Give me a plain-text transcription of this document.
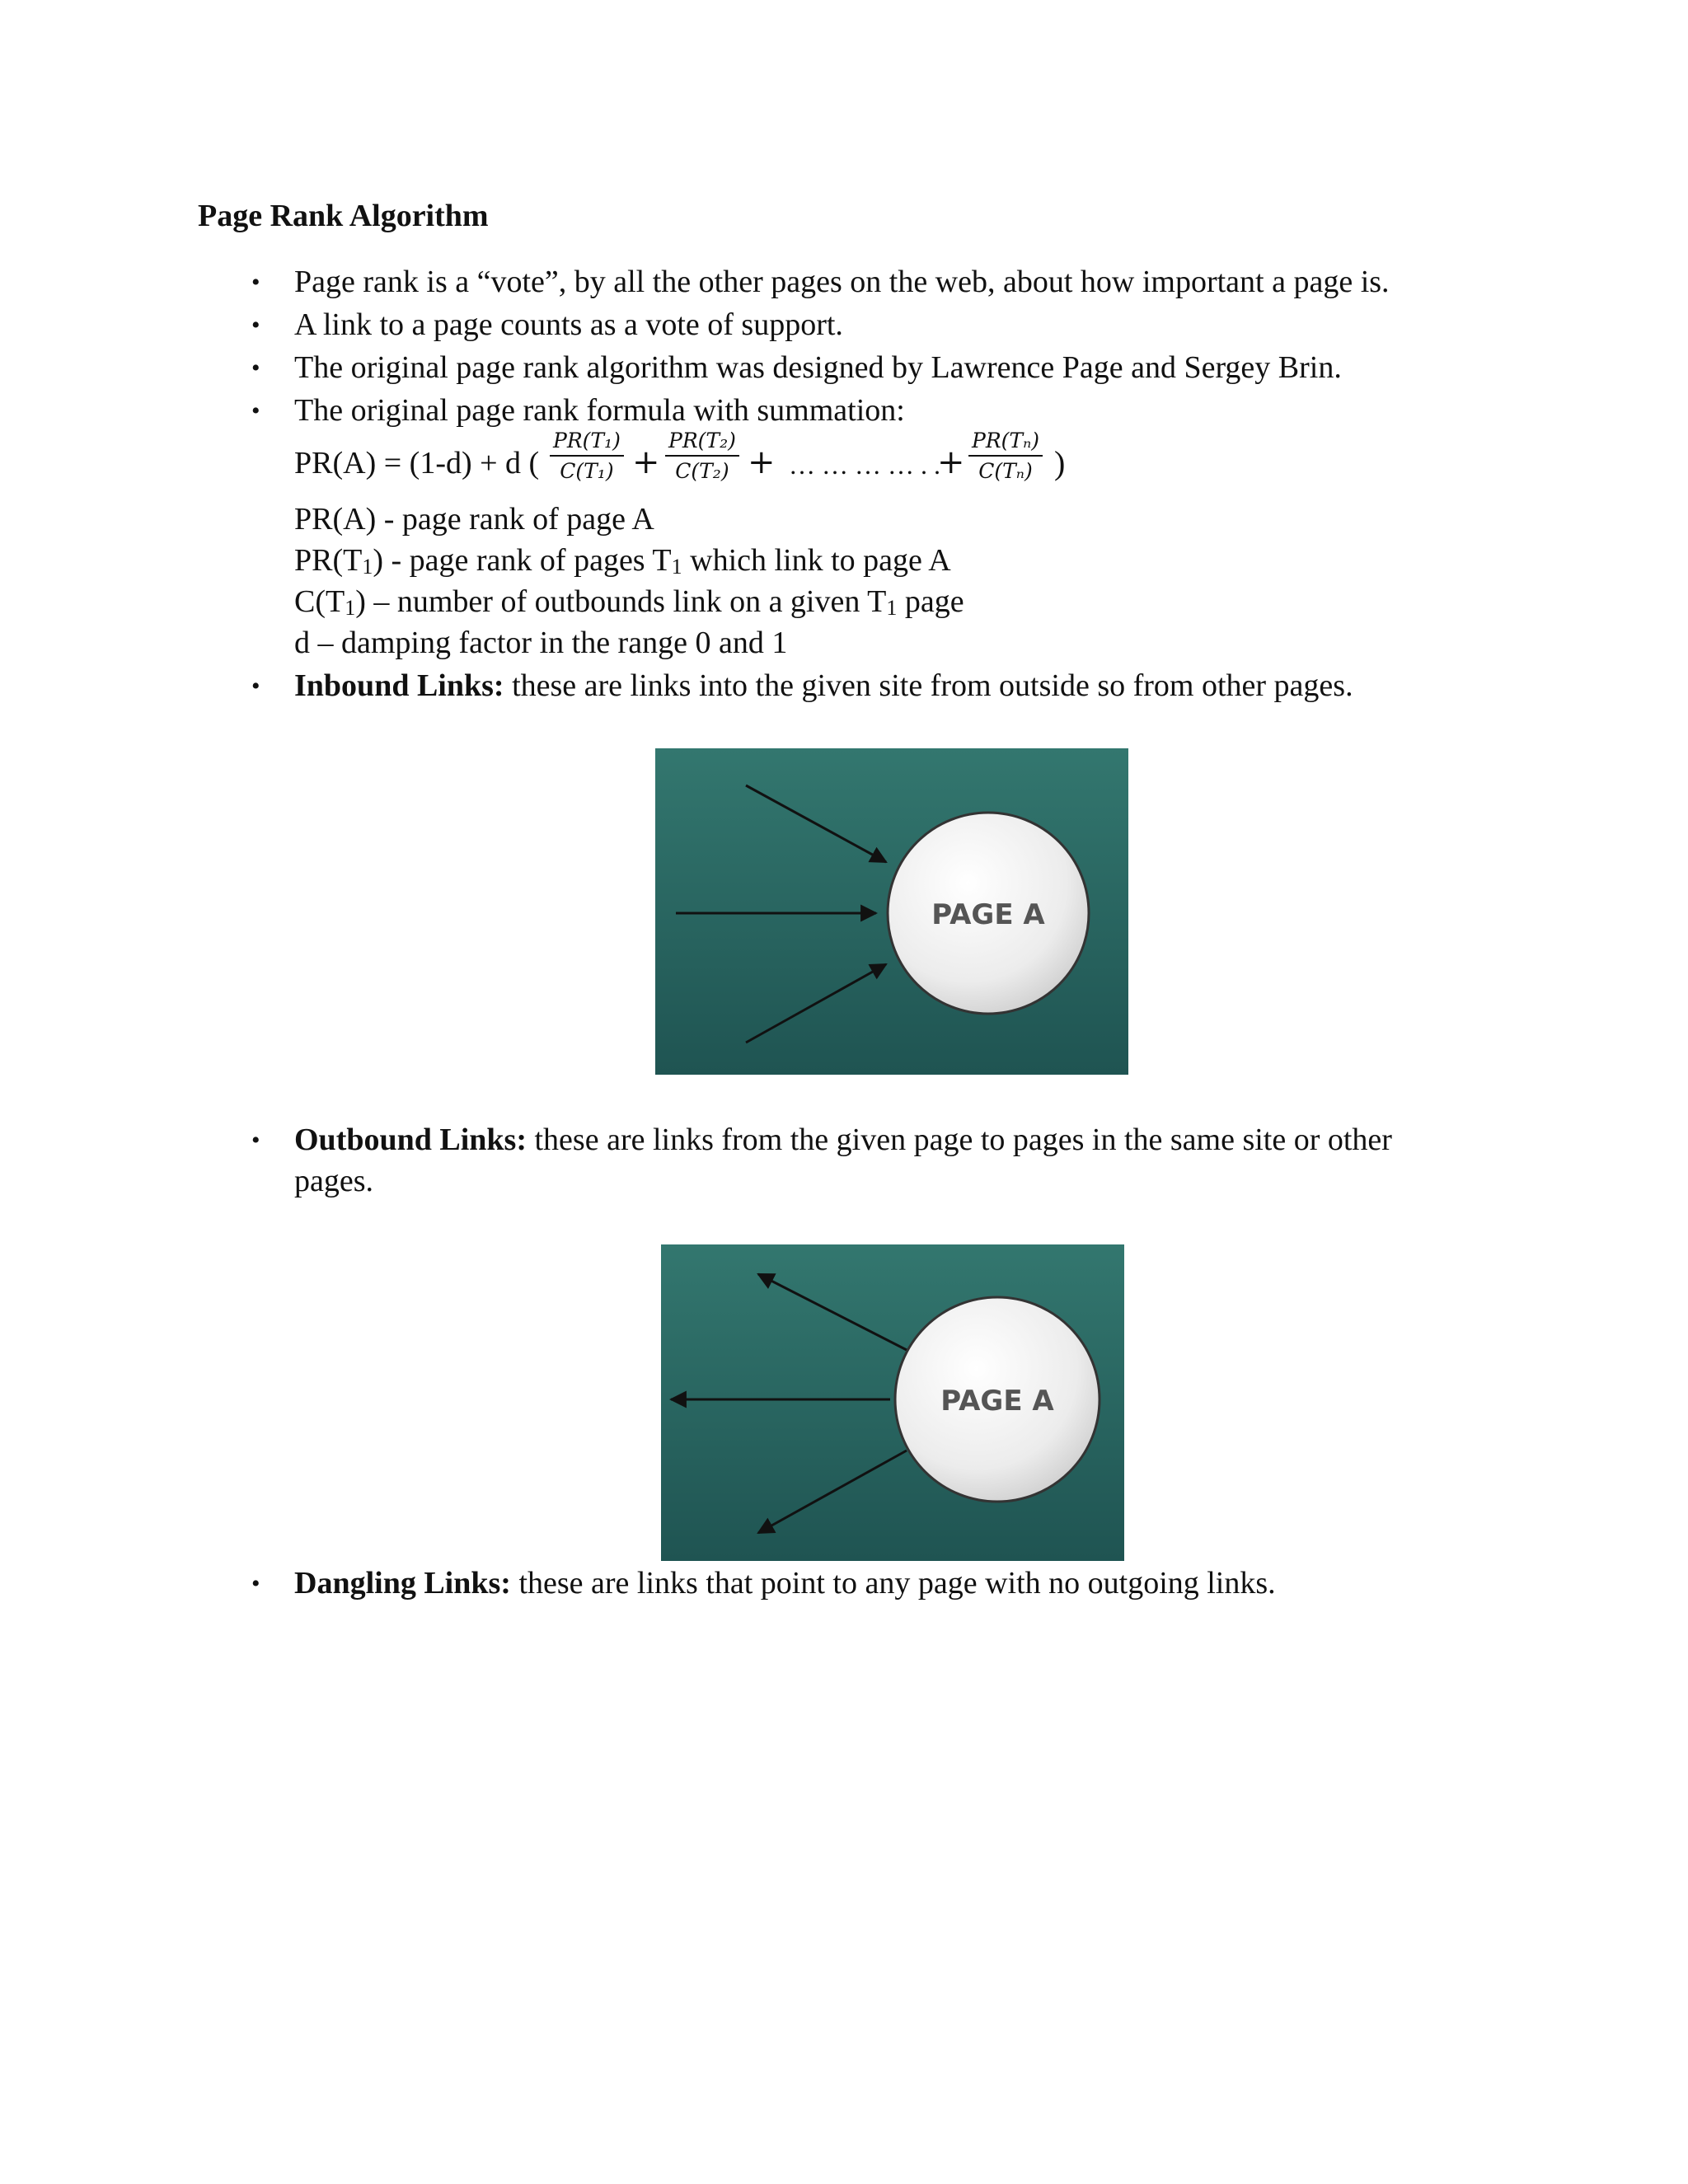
Page Rank Algorithm
• Page rank is a “vote”, by all the other pages on the web, about how important a page is.
• A link to a page counts as a vote of support.
• The original page rank algorithm was designed by Lawrence Page and Sergey Brin.
• The original page rank formula with summation:
PR(A) = (1-d) + d ( $\frac{\text{PR(T₁)}}{\text{C(T₁)}} + \frac{\text{PR(T₂)}}{\text{C(T₂)}}$ + … … … … . .
+ $\frac{\text{PR(Tₙ)}}{\text{C(Tₙ)}}$ )
PR(A) - page rank of page A
PR(T1) - page rank of pages T1 which link to page A
C(T1) – number of outbounds link on a given T1 page
d – damping factor in the range 0 and 1
• Inbound Links: these are links into the given site from outside so from other pages.
PAGE A
• Outbound Links: these are links from the given page to pages in the same site or other
pages.
PAGE A
• Dangling Links: these are links that point to any page with no outgoing links.
